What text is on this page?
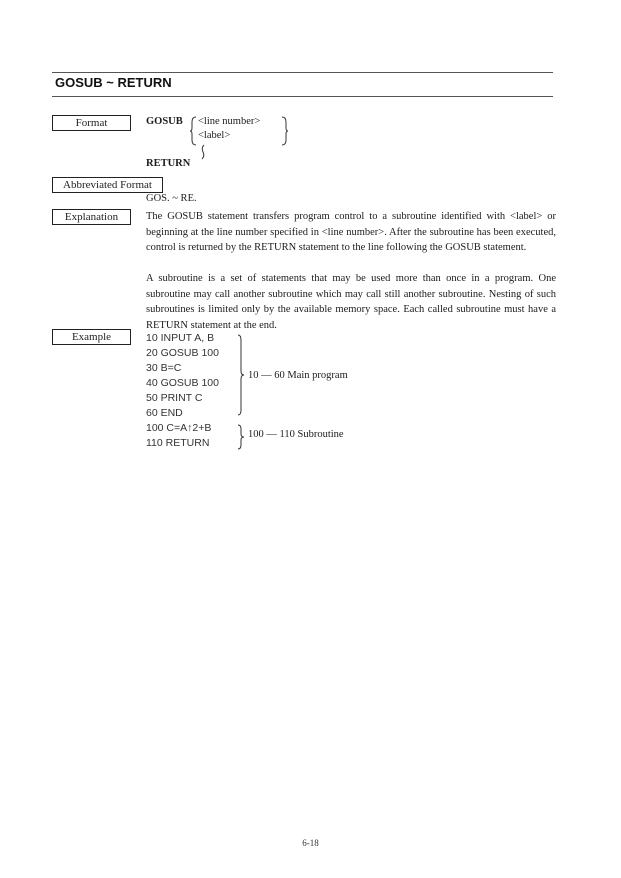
GOSUB ~ RETURN
Format	GOSUB <line number>
<label>
RETURN
Abbreviated Format
GOS. ~ RE.
Explanation	The GOSUB statement transfers program control to a subroutine identified with <label> or beginning at the line number specified in <line number>. After the subroutine has been executed, control is returned by the RETURN statement to the line following the GOSUB statement.
A subroutine is a set of statements that may be used more than once in a program. One subroutine may call another subroutine which may call still another subroutine. Nesting of such subroutines is limited only by the available memory space. Each called subroutine must have a RETURN statement at the end.
Example	10 INPUT A, B
20 GOSUB 100
30 B=C
40 GOSUB 100
50 PRINT C
60 END
100 C=A↑2+B
110 RETURN
10 — 60 Main program
100 — 110 Subroutine
6-18
